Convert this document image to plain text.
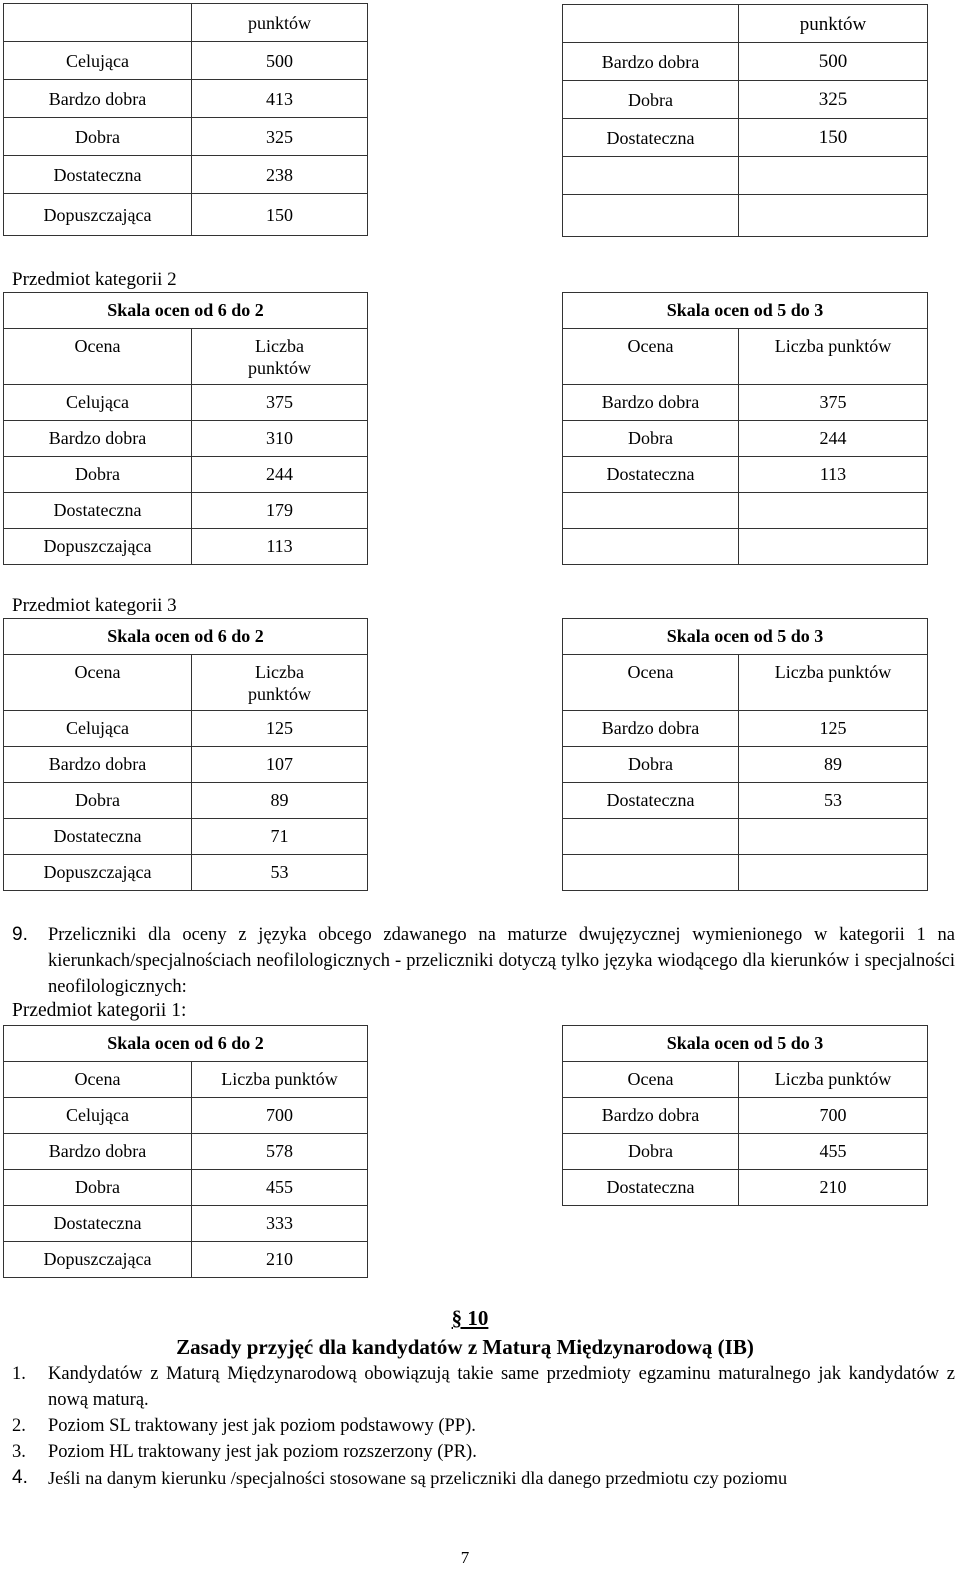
	punktów
Celująca	500
Bardzo dobra	413
Dobra	325
Dostateczna	238
Dopuszczająca	150
	punktów
Bardzo dobra	500
Dobra	325
Dostateczna	150

Przedmiot kategorii 2
Skala ocen od 6 do 2	
Ocena	Liczba
punktów
Celująca	375
Bardzo dobra	310
Dobra	244
Dostateczna	179
Dopuszczająca	113
Skala ocen od 5 do 3	
Ocena	Liczba punktów
Bardzo dobra	375
Dobra	244
Dostateczna	113

Przedmiot kategorii 3
Skala ocen od 6 do 2	
Ocena	Liczba
punktów
Celująca	125
Bardzo dobra	107
Dobra	89
Dostateczna	71
Dopuszczająca	53
Skala ocen od 5 do 3	
Ocena	Liczba punktów
Bardzo dobra	125
Dobra	89
Dostateczna	53

9. Przeliczniki dla oceny z języka obcego zdawanego na maturze dwujęzycznej wymienionego w kategorii 1 na kierunkach/specjalnościach neofilologicznych - przeliczniki dotyczą tylko języka wiodącego dla kierunków i specjalności neofilologicznych:
Przedmiot kategorii 1:
Skala ocen od 6 do 2	
Ocena	Liczba punktów
Celująca	700
Bardzo dobra	578
Dobra	455
Dostateczna	333
Dopuszczająca	210
Skala ocen od 5 do 3	
Ocena	Liczba punktów
Bardzo dobra	700
Dobra	455
Dostateczna	210
§ 10
Zasady przyjęć dla kandydatów z Maturą Międzynarodową (IB)
1. Kandydatów z Maturą Międzynarodową obowiązują takie same przedmioty egzaminu maturalnego jak kandydatów z nową maturą.
2. Poziom SL traktowany jest jak poziom podstawowy (PP).
3. Poziom HL traktowany jest jak poziom rozszerzony (PR).
4. Jeśli na danym kierunku /specjalności stosowane są przeliczniki dla danego przedmiotu czy poziomu
7
